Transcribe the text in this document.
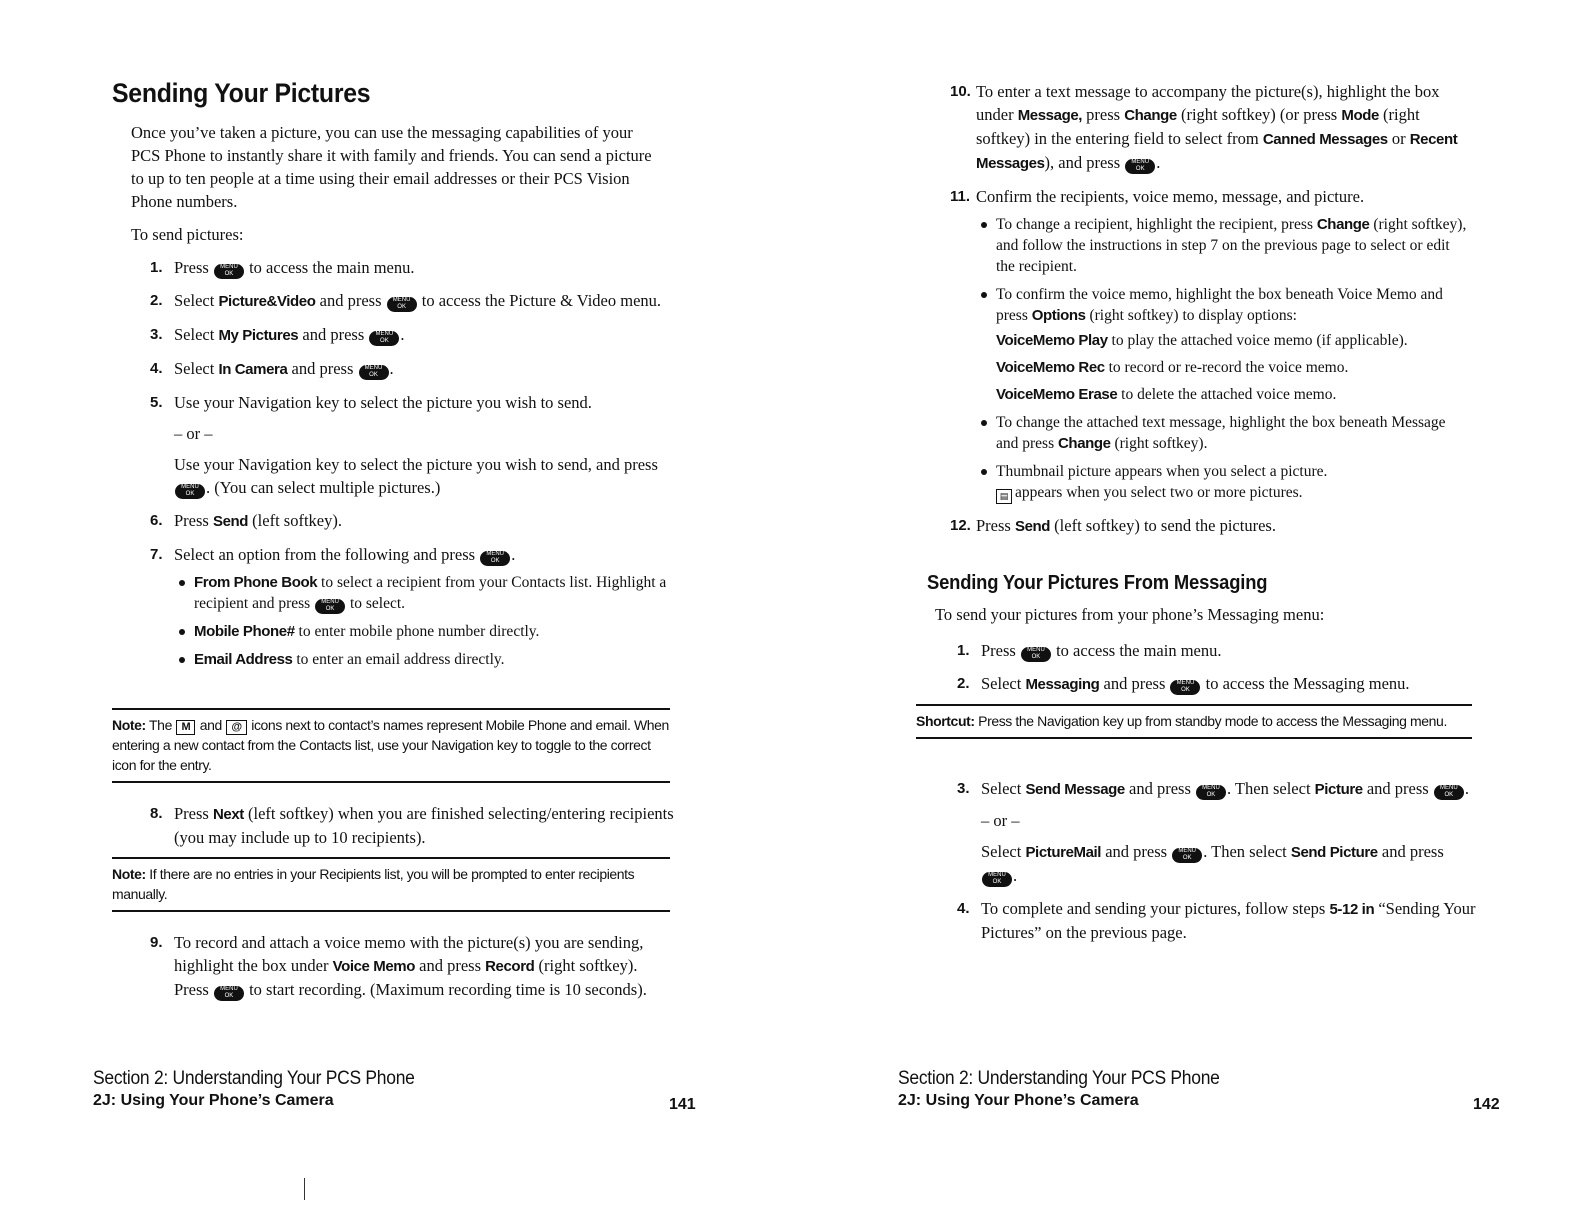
Sending Your Pictures

Once you’ve taken a picture, you can use the messaging capabilities of your PCS Phone to instantly share it with family and friends. You can send a picture to up to ten people at a time using their email addresses or their PCS Vision Phone numbers.

To send pictures:

1. Press MENU
OK to access the main menu.
2. Select Picture&Video and press MENU
OK to access the Picture & Video menu.
3. Select My Pictures and press MENU
OK .
4. Select In Camera and press MENU
OK .
5. Use your Navigation key to select the picture you wish to send.

– or –

Use your Navigation key to select the picture you wish to send, and press MENU
OK . (You can select multiple pictures.)

6. Press Send (left softkey).
7. Select an option from the following and press MENU
OK .
From Phone Book to select a recipient from your Contacts list. Highlight a recipient and press MENU
OK to select.
Mobile Phone# to enter mobile phone number directly.
Email Address to enter an email address directly.
Note: The M and @ icons next to contact’s names represent Mobile Phone and email. When entering a new contact from the Contacts list, use your Navigation key to toggle to the correct icon for the entry.
8. Press Next (left softkey) when you are finished selecting/entering recipients (you may include up to 10 recipients).
Note: If there are no entries in your Recipients list, you will be prompted to enter recipients manually.
9. To record and attach a voice memo with the picture(s) you are sending, highlight the box under Voice Memo and press Record (right softkey). Press MENU
OK to start recording. (Maximum recording time is 10 seconds).
Section 2: Understanding Your PCS Phone
2J: Using Your Phone’s Camera	141
10. To enter a text message to accompany the picture(s), highlight the box under Message, press Change (right softkey) (or press Mode (right softkey) in the entering field to select from Canned Messages or Recent Messages), and press MENU
OK .
11. Confirm the recipients, voice memo, message, and picture.
To change a recipient, highlight the recipient, press Change (right softkey), and follow the instructions in step 7 on the previous page to select or edit the recipient.
To confirm the voice memo, highlight the box beneath Voice Memo and press Options (right softkey) to display options:
VoiceMemo Play to play the attached voice memo (if applicable).
VoiceMemo Rec to record or re-record the voice memo.
VoiceMemo Erase to delete the attached voice memo.
To change the attached text message, highlight the box beneath Message and press Change (right softkey).
Thumbnail picture appears when you select a picture.
▤ appears when you select two or more pictures.
12. Press Send (left softkey) to send the pictures.
Sending Your Pictures From Messaging

To send your pictures from your phone’s Messaging menu:

1. Press MENU
OK to access the main menu.
2. Select Messaging and press MENU
OK to access the Messaging menu.
Shortcut: Press the Navigation key up from standby mode to access the Messaging menu.
3. Select Send Message and press MENU
OK . Then select Picture and press MENU
OK .

– or –

Select PictureMail and press MENU
OK . Then select Send Picture and press MENU
OK .

4. To complete and sending your pictures, follow steps 5-12 in “Sending Your Pictures” on the previous page.
Section 2: Understanding Your PCS Phone
2J: Using Your Phone’s Camera	142
